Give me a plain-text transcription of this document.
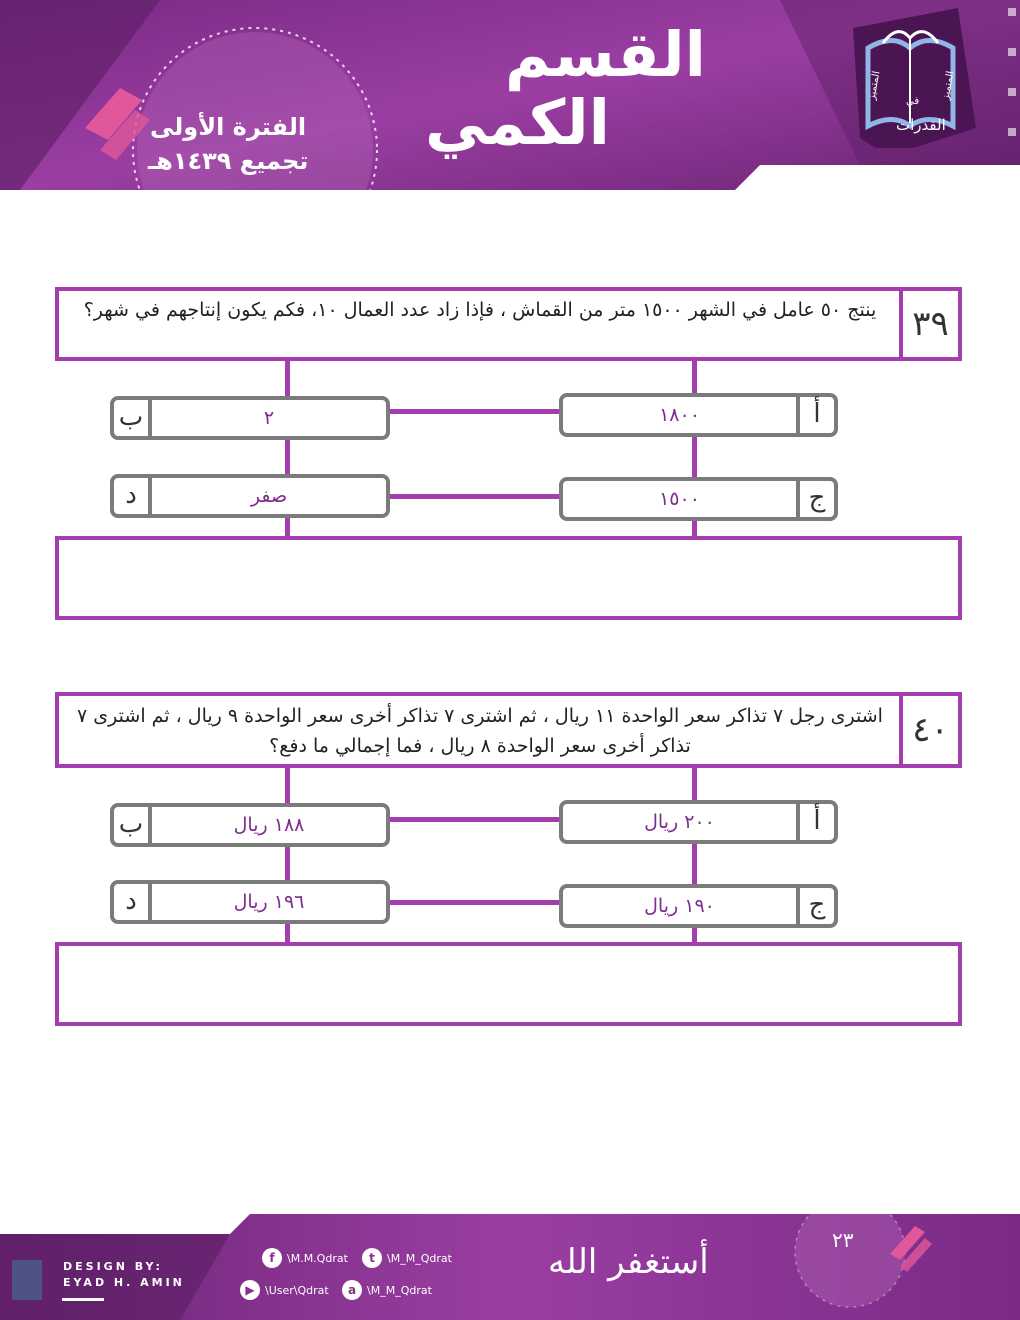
القسم
الكمي
الفترة الأولى
تجميع ١٤٣٩هـ
القدرات
المتميز
في
المتميز
٣٩
ينتج ٥٠ عامل في الشهر ١٥٠٠ متر من القماش ، فإذا زاد عدد العمال ١٠، فكم يكون إنتاجهم في شهر؟
أ
١٨٠٠
ب	٢
ج
١٥٠٠
د	صفر
٤٠
اشترى رجل ٧ تذاكر سعر الواحدة ١١ ريال ، ثم اشترى ٧ تذاكر أخرى سعر الواحدة ٩ ريال ، ثم اشترى ٧ تذاكر أخرى سعر الواحدة ٨ ريال ، فما إجمالي ما دفع؟
أ
٢٠٠ ريال
ب	١٨٨ ريال
ج
١٩٠ ريال
د	١٩٦ ريال
DESIGN BY:
EYAD H. AMIN
f	\M.M.Qdrat	t	\M_M_Qdrat
▶ \User\Qdrat	a \M_M_Qdrat
أستغفر الله
٢٣
